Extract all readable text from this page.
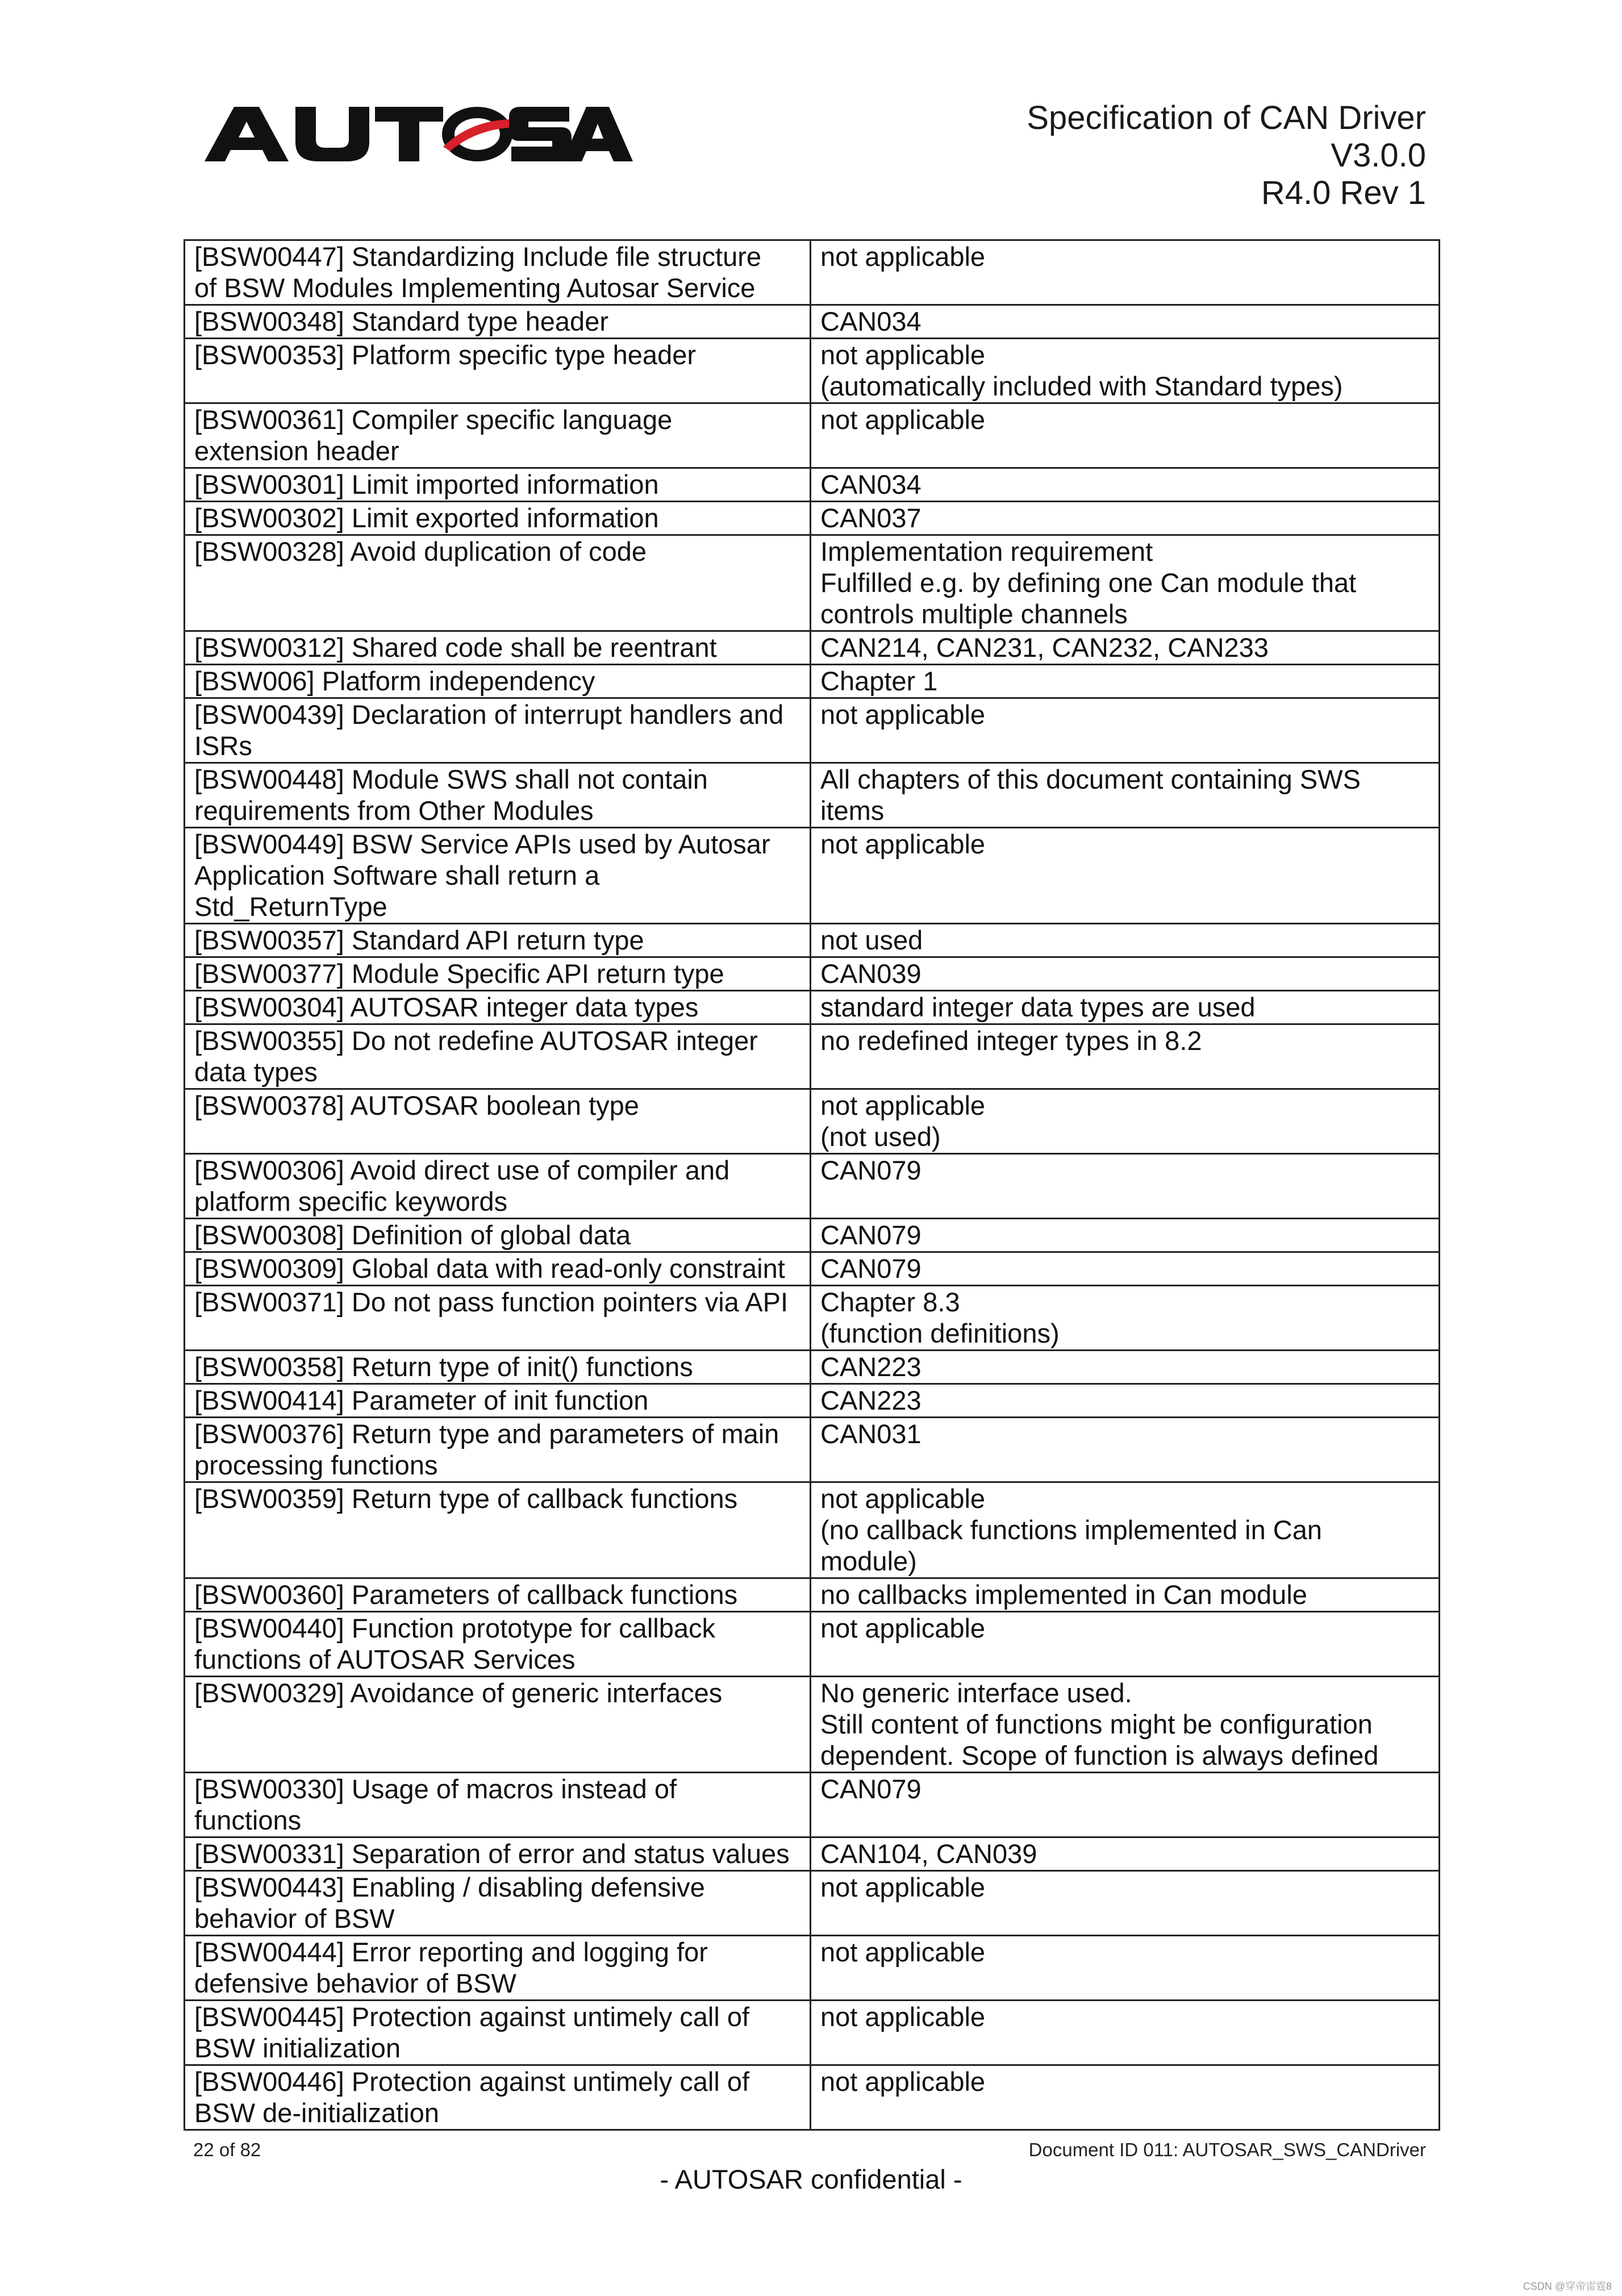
Specification of CAN Driver
V3.0.0
R4.0 Rev 1
[BSW00447] Standardizing Include file structure
of BSW Modules Implementing Autosar Service	not applicable

[BSW00348] Standard type header	CAN034

[BSW00353] Platform specific type header	not applicable
(automatically included with Standard types)

[BSW00361] Compiler specific language
extension header	not applicable

[BSW00301] Limit imported information	CAN034

[BSW00302] Limit exported information	CAN037

[BSW00328] Avoid duplication of code	Implementation requirement
Fulfilled e.g. by defining one Can module that
controls multiple channels

[BSW00312] Shared code shall be reentrant	CAN214, CAN231, CAN232, CAN233

[BSW006] Platform independency	Chapter 1

[BSW00439] Declaration of interrupt handlers and
ISRs	not applicable

[BSW00448] Module SWS shall not contain
requirements from Other Modules	All chapters of this document containing SWS
items

[BSW00449] BSW Service APIs used by Autosar
Application Software shall return a
Std_ReturnType	not applicable

[BSW00357] Standard API return type	not used

[BSW00377] Module Specific API return type	CAN039

[BSW00304] AUTOSAR integer data types	standard integer data types are used

[BSW00355] Do not redefine AUTOSAR integer
data types	no redefined integer types in 8.2

[BSW00378] AUTOSAR boolean type	not applicable
(not used)

[BSW00306] Avoid direct use of compiler and
platform specific keywords	CAN079

[BSW00308] Definition of global data	CAN079

[BSW00309] Global data with read-only constraint	CAN079

[BSW00371] Do not pass function pointers via API	Chapter 8.3
(function definitions)

[BSW00358] Return type of init() functions	CAN223

[BSW00414] Parameter of init function	CAN223

[BSW00376] Return type and parameters of main
processing functions	CAN031

[BSW00359] Return type of callback functions	not applicable
(no callback functions implemented in Can
module)

[BSW00360] Parameters of callback functions	no callbacks implemented in Can module

[BSW00440] Function prototype for callback
functions of AUTOSAR Services	not applicable

[BSW00329] Avoidance of generic interfaces	No generic interface used.
Still content of functions might be configuration
dependent. Scope of function is always defined

[BSW00330] Usage of macros instead of
functions	CAN079

[BSW00331] Separation of error and status values	CAN104, CAN039

[BSW00443] Enabling / disabling defensive
behavior of BSW	not applicable

[BSW00444] Error reporting and logging for
defensive behavior of BSW	not applicable

[BSW00445] Protection against untimely call of
BSW initialization	not applicable

[BSW00446] Protection against untimely call of
BSW de-initialization	not applicable
22 of 82	Document ID 011: AUTOSAR_SWS_CANDriver
- AUTOSAR confidential -
CSDN @穿帝雷霆8
